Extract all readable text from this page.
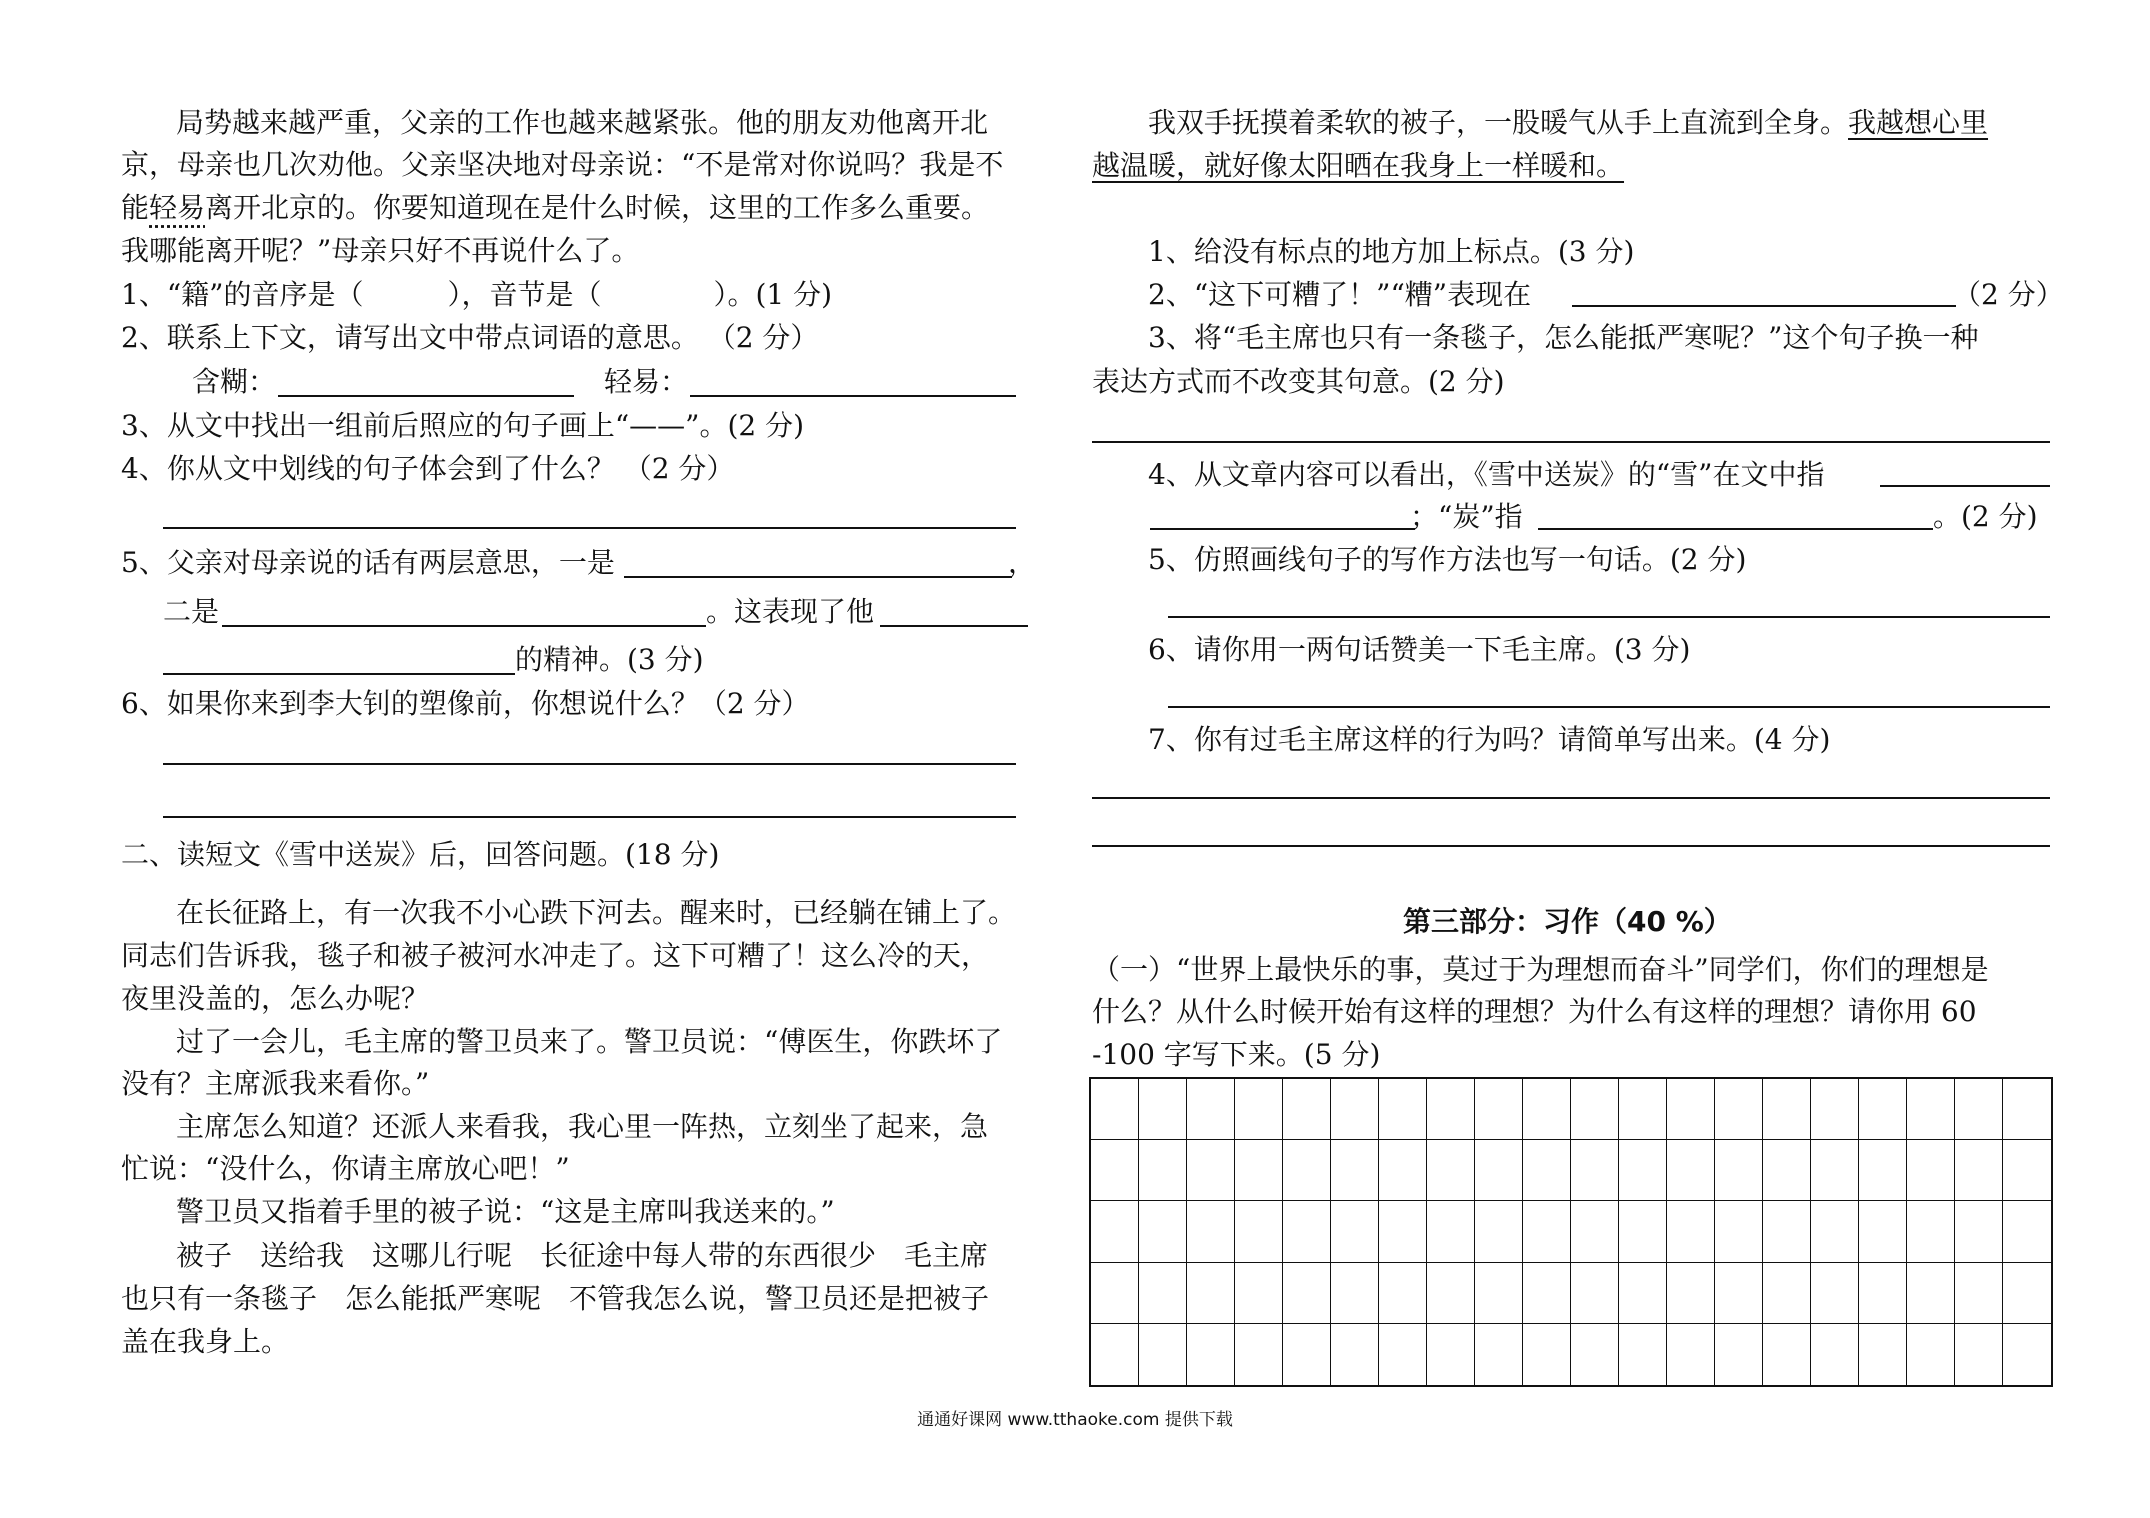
局势越来越严重，父亲的工作也越来越紧张。他的朋友劝他离开北
京，母亲也几次劝他。父亲坚决地对母亲说：“不是常对你说吗？我是不
能轻易离开北京的。你要知道现在是什么时候，这里的工作多么重要。
我哪能离开呢？”母亲只好不再说什么了。
1、“籍”的音序是（　　　），音节是（　　　　）。(1 分)
2、联系上下文，请写出文中带点词语的意思。 （2 分）
含糊：	轻易：
3、从文中找出一组前后照应的句子画上“——”。(2 分)
4、你从文中划线的句子体会到了什么？ （2 分）
5、父亲对母亲说的话有两层意思，一是	，
二是	。这表现了他
的精神。(3 分)
6、如果你来到李大钊的塑像前，你想说什么？（2 分）
二、读短文《雪中送炭》后，回答问题。(18 分)
在长征路上，有一次我不小心跌下河去。醒来时，已经躺在铺上了。
同志们告诉我，毯子和被子被河水冲走了。这下可糟了！这么冷的天，
夜里没盖的，怎么办呢？
过了一会儿，毛主席的警卫员来了。警卫员说：“傅医生，你跌坏了
没有？主席派我来看你。”
主席怎么知道？还派人来看我，我心里一阵热，立刻坐了起来，急
忙说：“没什么，你请主席放心吧！”
警卫员又指着手里的被子说：“这是主席叫我送来的。”
被子　送给我　这哪儿行呢　长征途中每人带的东西很少　毛主席
也只有一条毯子　怎么能抵严寒呢　不管我怎么说，警卫员还是把被子
盖在我身上。
我双手抚摸着柔软的被子，一股暖气从手上直流到全身。我越想心里
越温暖，就好像太阳晒在我身上一样暖和。
1、给没有标点的地方加上标点。(3 分)
2、“这下可糟了！”“糟”表现在	（2 分）
3、将“毛主席也只有一条毯子，怎么能抵严寒呢？”这个句子换一种
表达方式而不改变其句意。(2 分)
4、从文章内容可以看出，《雪中送炭》的“雪”在文中指
；“炭”指	。(2 分)
5、仿照画线句子的写作方法也写一句话。(2 分)
6、请你用一两句话赞美一下毛主席。(3 分)
7、你有过毛主席这样的行为吗？请简单写出来。(4 分)
第三部分：习作（40 %）
（一）“世界上最快乐的事，莫过于为理想而奋斗”同学们，你们的理想是
什么？从什么时候开始有这样的理想？为什么有这样的理想？请你用 60
-100 字写下来。(5 分)
通通好课网 www.tthaoke.com 提供下载
